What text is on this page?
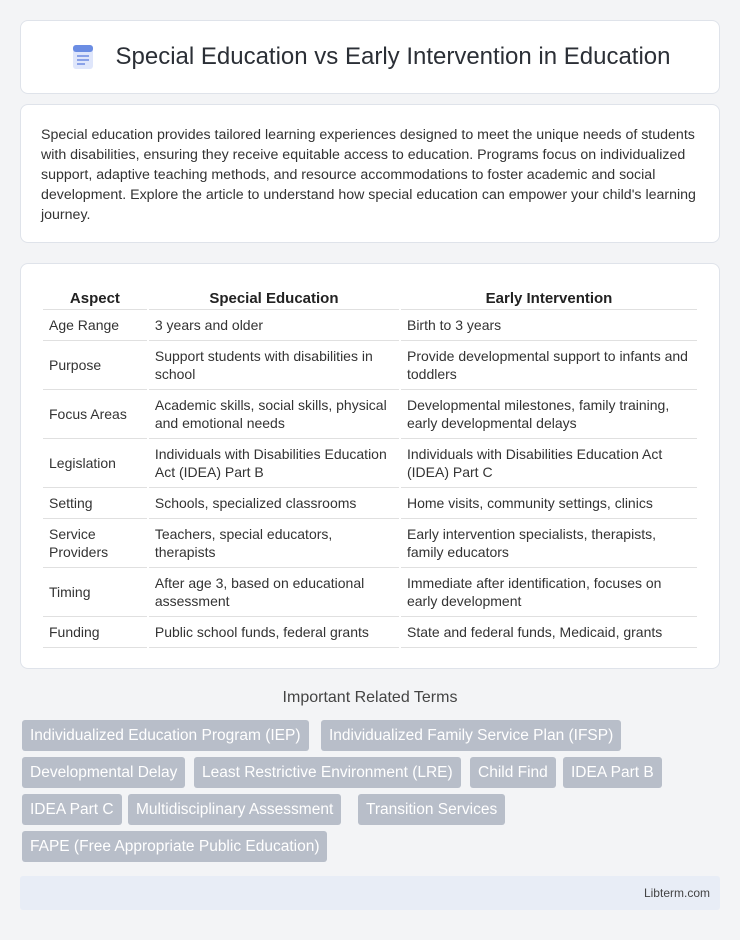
Special Education vs Early Intervention in Education

Special education provides tailored learning experiences designed to meet the unique needs of students with disabilities, ensuring they receive equitable access to education. Programs focus on individualized support, adaptive teaching methods, and resource accommodations to foster academic and social development. Explore the article to understand how special education can empower your child's learning journey.

Aspect	Special Education	Early Intervention
Age Range	3 years and older	Birth to 3 years
Purpose	Support students with disabilities in school	Provide developmental support to infants and toddlers
Focus Areas	Academic skills, social skills, physical and emotional needs	Developmental milestones, family training, early developmental delays
Legislation	Individuals with Disabilities Education Act (IDEA) Part B	Individuals with Disabilities Education Act (IDEA) Part C
Setting	Schools, specialized classrooms	Home visits, community settings, clinics
Service Providers	Teachers, special educators, therapists	Early intervention specialists, therapists, family educators
Timing	After age 3, based on educational assessment	Immediate after identification, focuses on early development
Funding	Public school funds, federal grants	State and federal funds, Medicaid, grants
Important Related Terms
Individualized Education Program (IEP)	Individualized Family Service Plan (IFSP)
Developmental Delay	Least Restrictive Environment (LRE)	Child Find	IDEA Part B
IDEA Part C	Multidisciplinary Assessment	Transition Services
FAPE (Free Appropriate Public Education)
Libterm.com
